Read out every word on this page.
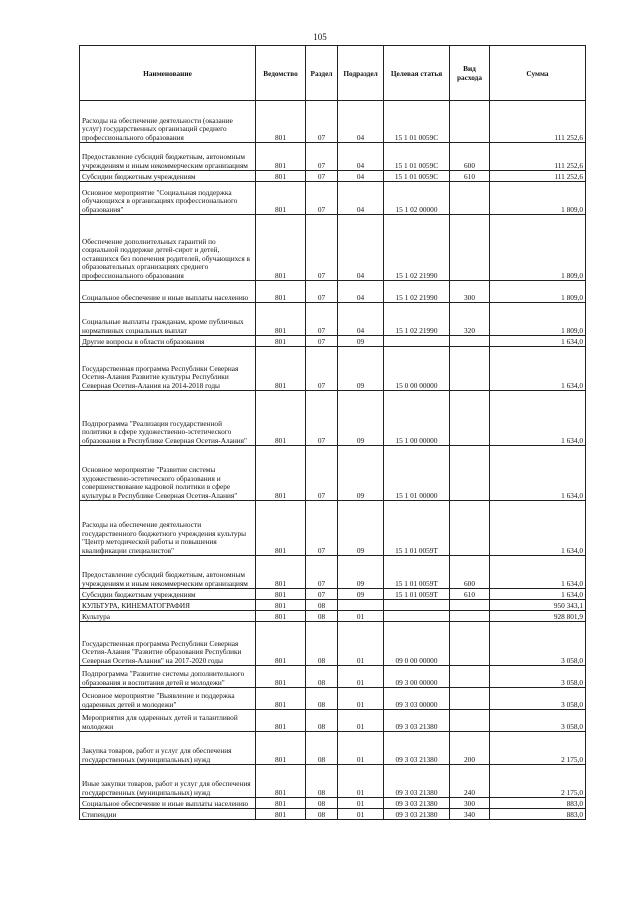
105
Наименование	Ведомство	Раздел	Подраздел	Целевая статья	Вид расхода	Сумма
Расходы на обеспечение деятельности (оказание услуг) государственных организаций среднего профессионального образования	801	07	04	15 1 01 0059С		111 252,6
Предоставление субсидий бюджетным, автономным учреждениям и иным некоммерческим организациям	801	07	04	15 1 01 0059С	600	111 252,6
Субсидии бюджетным учреждениям	801	07	04	15 1 01 0059С	610	111 252,6
Основное мероприятие "Социальная поддержка обучающихся в организациях профессионального образования"	801	07	04	15 1 02 00000		1 809,0
Обеспечение дополнительных гарантий по социальной поддержке детей-сирот и детей, оставшихся без попечения родителей, обучающихся в образовательных организациях среднего профессионального образования	801	07	04	15 1 02 21990		1 809,0
Социальное обеспечение и иные выплаты населению	801	07	04	15 1 02 21990	300	1 809,0
Социальные выплаты гражданам, кроме публичных нормативных социальных выплат	801	07	04	15 1 02 21990	320	1 809,0
Другие вопросы в области образования	801	07	09			1 634,0
Государственная программа Республики Северная Осетия-Алания Развитие культуры Республики Северная Осетия-Алания на 2014-2018 годы	801	07	09	15 0 00 00000		1 634,0
Подпрограмма "Реализация государственной политики в сфере художественно-эстетического образования в Республике Северная Осетия-Алания"	801	07	09	15 1 00 00000		1 634,0
Основное мероприятие "Развитие системы художественно-эстетического образования и совершенствование кадровой политики в сфере культуры в Республике Северная Осетия-Алания"	801	07	09	15 1 01 00000		1 634,0
Расходы на обеспечение деятельности государственного бюджетного учреждения культуры "Центр методической работы и повышения квалификации специалистов"	801	07	09	15 1 01 0059Т		1 634,0
Предоставление субсидий бюджетным, автономным учреждениям и иным некоммерческим организациям	801	07	09	15 1 01 0059Т	600	1 634,0
Субсидии бюджетным учреждениям	801	07	09	15 1 01 0059Т	610	1 634,0
КУЛЬТУРА, КИНЕМАТОГРАФИЯ	801	08				950 343,1
Культура	801	08	01			928 801,9
Государственная программа Республики Северная Осетия-Алания "Развитие образования Республики Северная Осетия-Алания" на 2017-2020 годы	801	08	01	09 0 00 00000		3 058,0
Подпрограмма "Развитие системы дополнительного образования и воспитания детей и молодежи"	801	08	01	09 3 00 00000		3 058,0
Основное мероприятие "Выявление и поддержка одаренных детей и молодежи"	801	08	01	09 3 03 00000		3 058,0
Мероприятия для одаренных детей и талантливой молодежи	801	08	01	09 3 03 21380		3 058,0
Закупка товаров, работ и услуг для обеспечения государственных (муниципальных) нужд	801	08	01	09 3 03 21380	200	2 175,0
Иные закупки товаров, работ и услуг для обеспечения государственных (муниципальных) нужд	801	08	01	09 3 03 21380	240	2 175,0
Социальное обеспечение и иные выплаты населению	801	08	01	09 3 03 21380	300	883,0
Стипендии	801	08	01	09 3 03 21380	340	883,0
